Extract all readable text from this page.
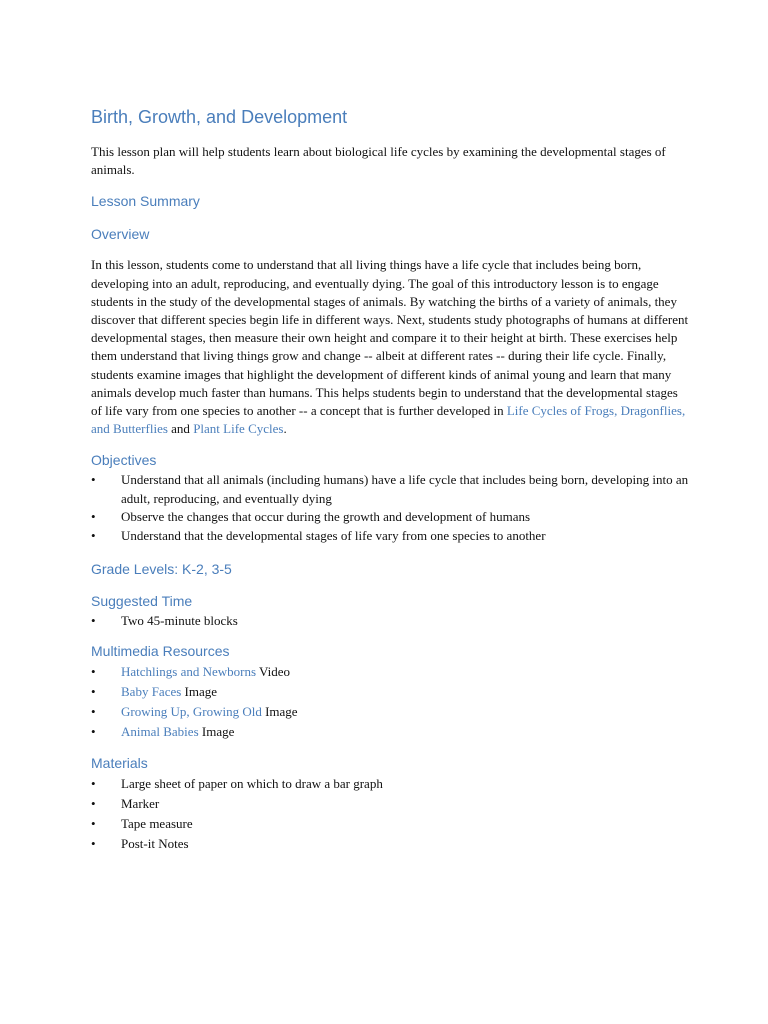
Birth, Growth, and Development

This lesson plan will help students learn about biological life cycles by examining the developmental stages of animals.

Lesson Summary
Overview

In this lesson, students come to understand that all living things have a life cycle that includes being born, developing into an adult, reproducing, and eventually dying. The goal of this introductory lesson is to engage students in the study of the developmental stages of animals. By watching the births of a variety of animals, they discover that different species begin life in different ways. Next, students study photographs of humans at different developmental stages, then measure their own height and compare it to their height at birth. These exercises help them understand that living things grow and change -- albeit at different rates -- during their life cycle. Finally, students examine images that highlight the development of different kinds of animal young and learn that many animals develop much faster than humans. This helps students begin to understand that the developmental stages of life vary from one species to another -- a concept that is further developed in Life Cycles of Frogs, Dragonflies, and Butterflies and Plant Life Cycles.

Objectives
• Understand that all animals (including humans) have a life cycle that includes being born, developing into an adult, reproducing, and eventually dying
• Observe the changes that occur during the growth and development of humans
• Understand that the developmental stages of life vary from one species to another
Grade Levels: K-2, 3-5
Suggested Time
• Two 45-minute blocks
Multimedia Resources
• Hatchlings and Newborns Video
• Baby Faces Image
• Growing Up, Growing Old Image
• Animal Babies Image
Materials
• Large sheet of paper on which to draw a bar graph
• Marker
• Tape measure
• Post-it Notes
